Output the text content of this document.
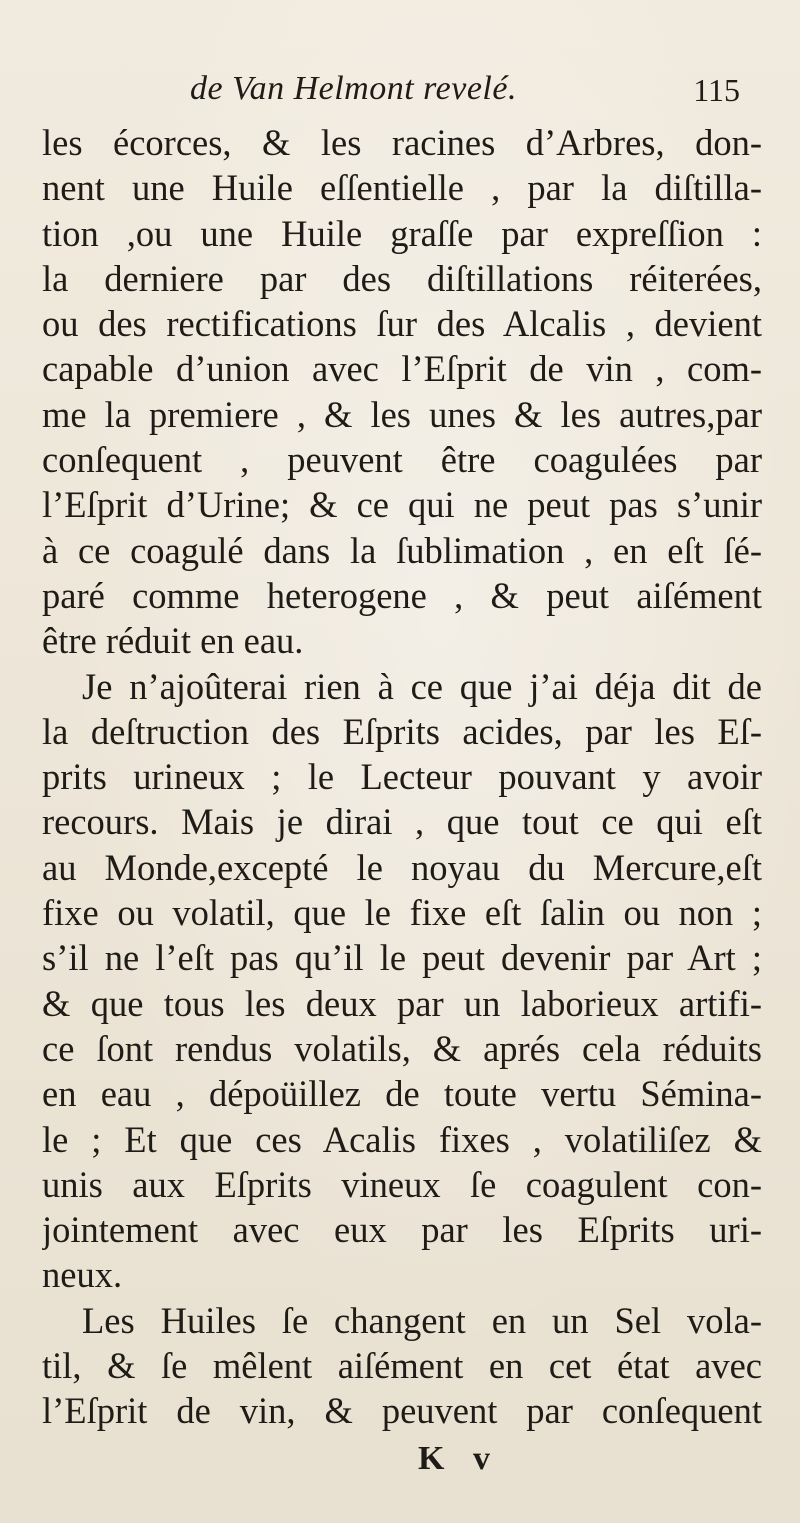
de Van Helmont revelé.	115
les écorces, & les racines d’Arbres, don-
nent une Huile eſſentielle , par la diſtilla-
tion ,ou une Huile graſſe par expreſſion :
la derniere par des diſtillations réiterées,
ou des rectifications ſur des Alcalis , devient
capable d’union avec l’Eſprit de vin , com-
me la premiere , & les unes & les autres,par
conſequent , peuvent être coagulées par
l’Eſprit d’Urine; & ce qui ne peut pas s’unir
à ce coagulé dans la ſublimation , en eſt ſé-
paré comme heterogene , & peut aiſément
être réduit en eau.
Je n’ajoûterai rien à ce que j’ai déja dit de
la deſtruction des Eſprits acides, par les Eſ-
prits urineux ; le Lecteur pouvant y avoir
recours. Mais je dirai , que tout ce qui eſt
au Monde,excepté le noyau du Mercure,eſt
fixe ou volatil, que le fixe eſt ſalin ou non ;
s’il ne l’eſt pas qu’il le peut devenir par Art ;
& que tous les deux par un laborieux artifi-
ce ſont rendus volatils, & aprés cela réduits
en eau , dépoüillez de toute vertu Sémina-
le ; Et que ces Acalis fixes , volatiliſez &
unis aux Eſprits vineux ſe coagulent con-
jointement avec eux par les Eſprits uri-
neux.
Les Huiles ſe changent en un Sel vola-
til, & ſe mêlent aiſément en cet état avec
l’Eſprit de vin, & peuvent par conſequent
K v
